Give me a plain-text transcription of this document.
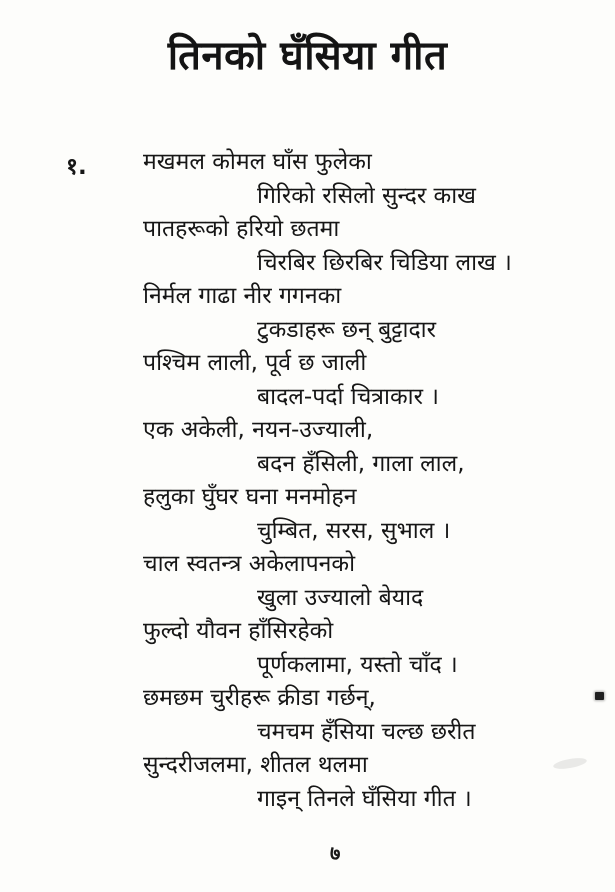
तिनको घँसिया गीत
१. मखमल कोमल घाँस फुलेका
गिरिको रसिलो सुन्दर काख
पातहरूको हरियो छतमा
चिरबिर छिरबिर चिडिया लाख ।
निर्मल गाढा नीर गगनका
टुकडाहरू छन् बुट्टादार
पश्चिम लाली, पूर्व छ जाली
बादल-पर्दा चित्राकार ।
एक अकेली, नयन-उज्याली,
बदन हँसिली, गाला लाल,
हलुका घुँघर घना मनमोहन
चुम्बित, सरस, सुभाल ।
चाल स्वतन्त्र अकेलापनको
खुला उज्यालो बेयाद
फुल्दो यौवन हाँसिरहेको
पूर्णकलामा, यस्तो चाँद ।
छमछम चुरीहरू क्रीडा गर्छन्,
चमचम हँसिया चल्छ छरीत
सुन्दरीजलमा, शीतल थलमा
गाइन् तिनले घँसिया गीत ।
७
